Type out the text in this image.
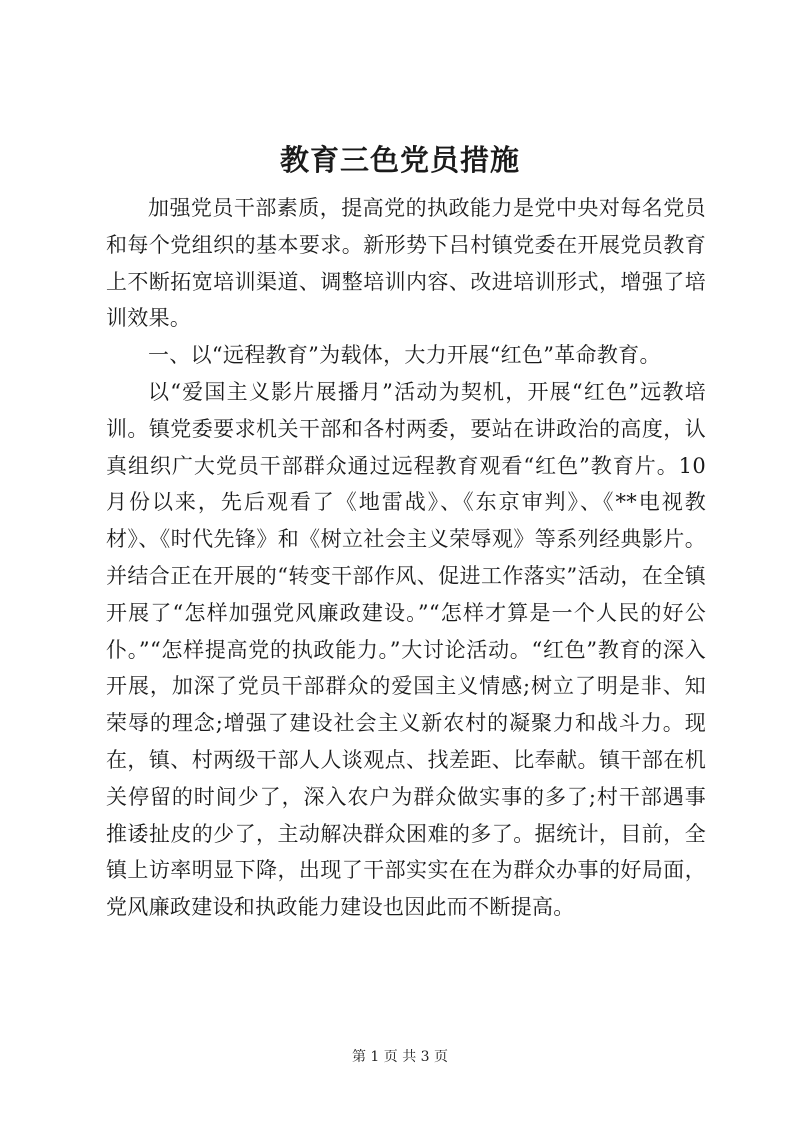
教育三色党员措施

加强党员干部素质，提高党的执政能力是党中央对每名党员和每个党组织的基本要求。新形势下吕村镇党委在开展党员教育上不断拓宽培训渠道、调整培训内容、改进培训形式，增强了培训效果。

一、以“远程教育”为载体，大力开展“红色”革命教育。

以“爱国主义影片展播月”活动为契机，开展“红色”远教培训。镇党委要求机关干部和各村两委，要站在讲政治的高度，认真组织广大党员干部群众通过远程教育观看“红色”教育片。10月份以来，先后观看了《地雷战》、《东京审判》、《**电视教材》、《时代先锋》和《树立社会主义荣辱观》等系列经典影片。并结合正在开展的“转变干部作风、促进工作落实”活动，在全镇开展了“怎样加强党风廉政建设。”“怎样才算是一个人民的好公仆。”“怎样提高党的执政能力。”大讨论活动。“红色”教育的深入开展，加深了党员干部群众的爱国主义情感;树立了明是非、知荣辱的理念;增强了建设社会主义新农村的凝聚力和战斗力。现在，镇、村两级干部人人谈观点、找差距、比奉献。镇干部在机关停留的时间少了，深入农户为群众做实事的多了;村干部遇事推诿扯皮的少了，主动解决群众困难的多了。据统计，目前，全镇上访率明显下降，出现了干部实实在在为群众办事的好局面，党风廉政建设和执政能力建设也因此而不断提高。

第 1 页 共 3 页
